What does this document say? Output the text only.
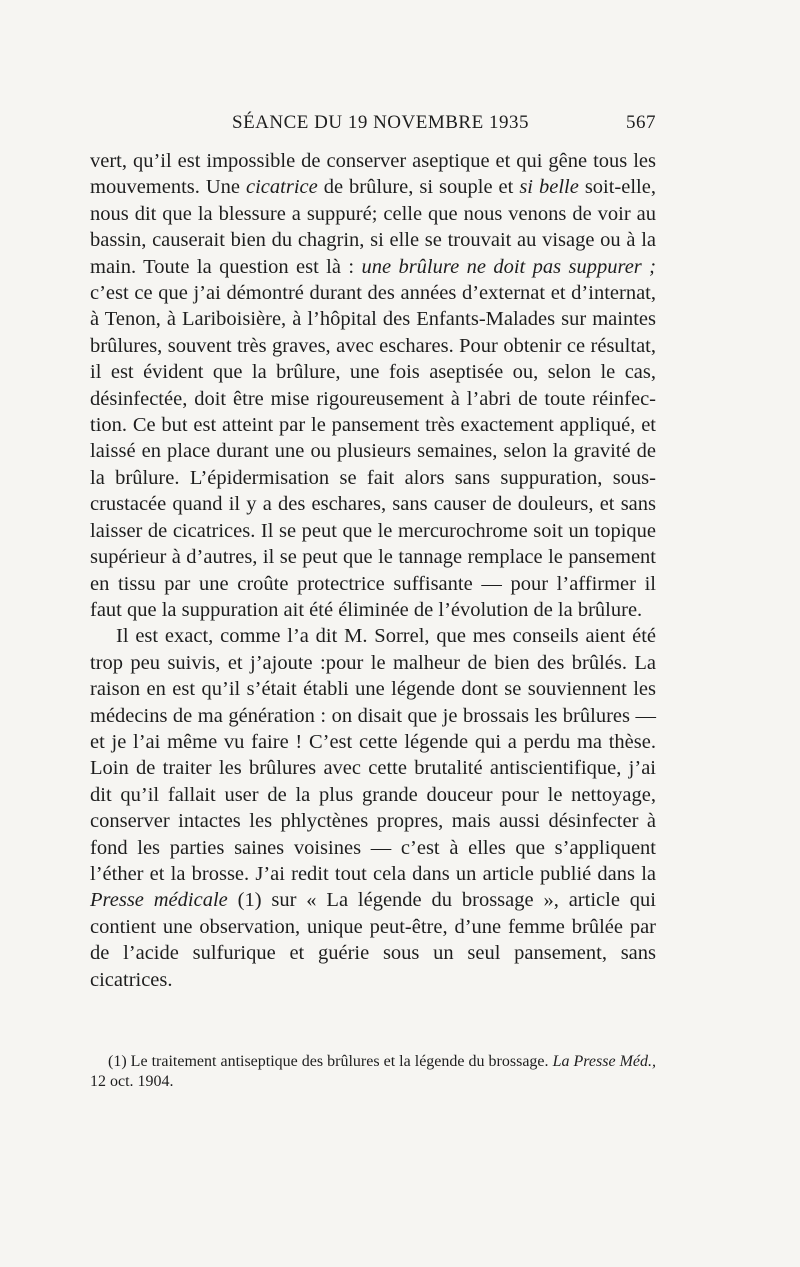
SÉANCE DU 19 NOVEMBRE 1935	567

vert, qu’il est impossible de conserver aseptique et qui gêne tous les mouvements. Une cicatrice de brûlure, si souple et si belle soit-elle, nous dit que la blessure a suppuré; celle que nous venons de voir au bassin, causerait bien du chagrin, si elle se trouvait au visage ou à la main. Toute la question est là : une brûlure ne doit pas suppurer ; c’est ce que j’ai démontré durant des années d’externat et d’internat, à Tenon, à Lariboisière, à l’hôpital des Enfants-Malades sur maintes brûlures, souvent très graves, avec eschares. Pour obtenir ce résultat, il est évident que la brûlure, une fois aseptisée ou, selon le cas, désinfectée, doit être mise rigoureusement à l’abri de toute réinfection. Ce but est atteint par le pansement très exactement appliqué, et laissé en place durant une ou plusieurs semaines, selon la gravité de la brûlure. L’épidermisation se fait alors sans suppuration, sous-crustacée quand il y a des eschares, sans causer de douleurs, et sans laisser de cicatrices. Il se peut que le mercurochrome soit un topique supérieur à d’autres, il se peut que le tannage remplace le pansement en tissu par une croûte protectrice suffisante — pour l’affirmer il faut que la suppuration ait été éliminée de l’évolution de la brûlure.

Il est exact, comme l’a dit M. Sorrel, que mes conseils aient été trop peu suivis, et j’ajoute :pour le malheur de bien des brûlés. La raison en est qu’il s’était établi une légende dont se souviennent les médecins de ma génération : on disait que je brossais les brûlures — et je l’ai même vu faire ! C’est cette légende qui a perdu ma thèse. Loin de traiter les brûlures avec cette brutalité antiscientifique, j’ai dit qu’il fallait user de la plus grande douceur pour le nettoyage, conserver intactes les phlyctènes propres, mais aussi désinfecter à fond les parties saines voisines — c’est à elles que s’appliquent l’éther et la brosse. J’ai redit tout cela dans un article publié dans la Presse médicale (1) sur « La légende du brossage », article qui contient une observation, unique peut-être, d’une femme brûlée par de l’acide sulfurique et guérie sous un seul pansement, sans cicatrices.

(1) Le traitement antiseptique des brûlures et la légende du brossage. La Presse Méd., 12 oct. 1904.
